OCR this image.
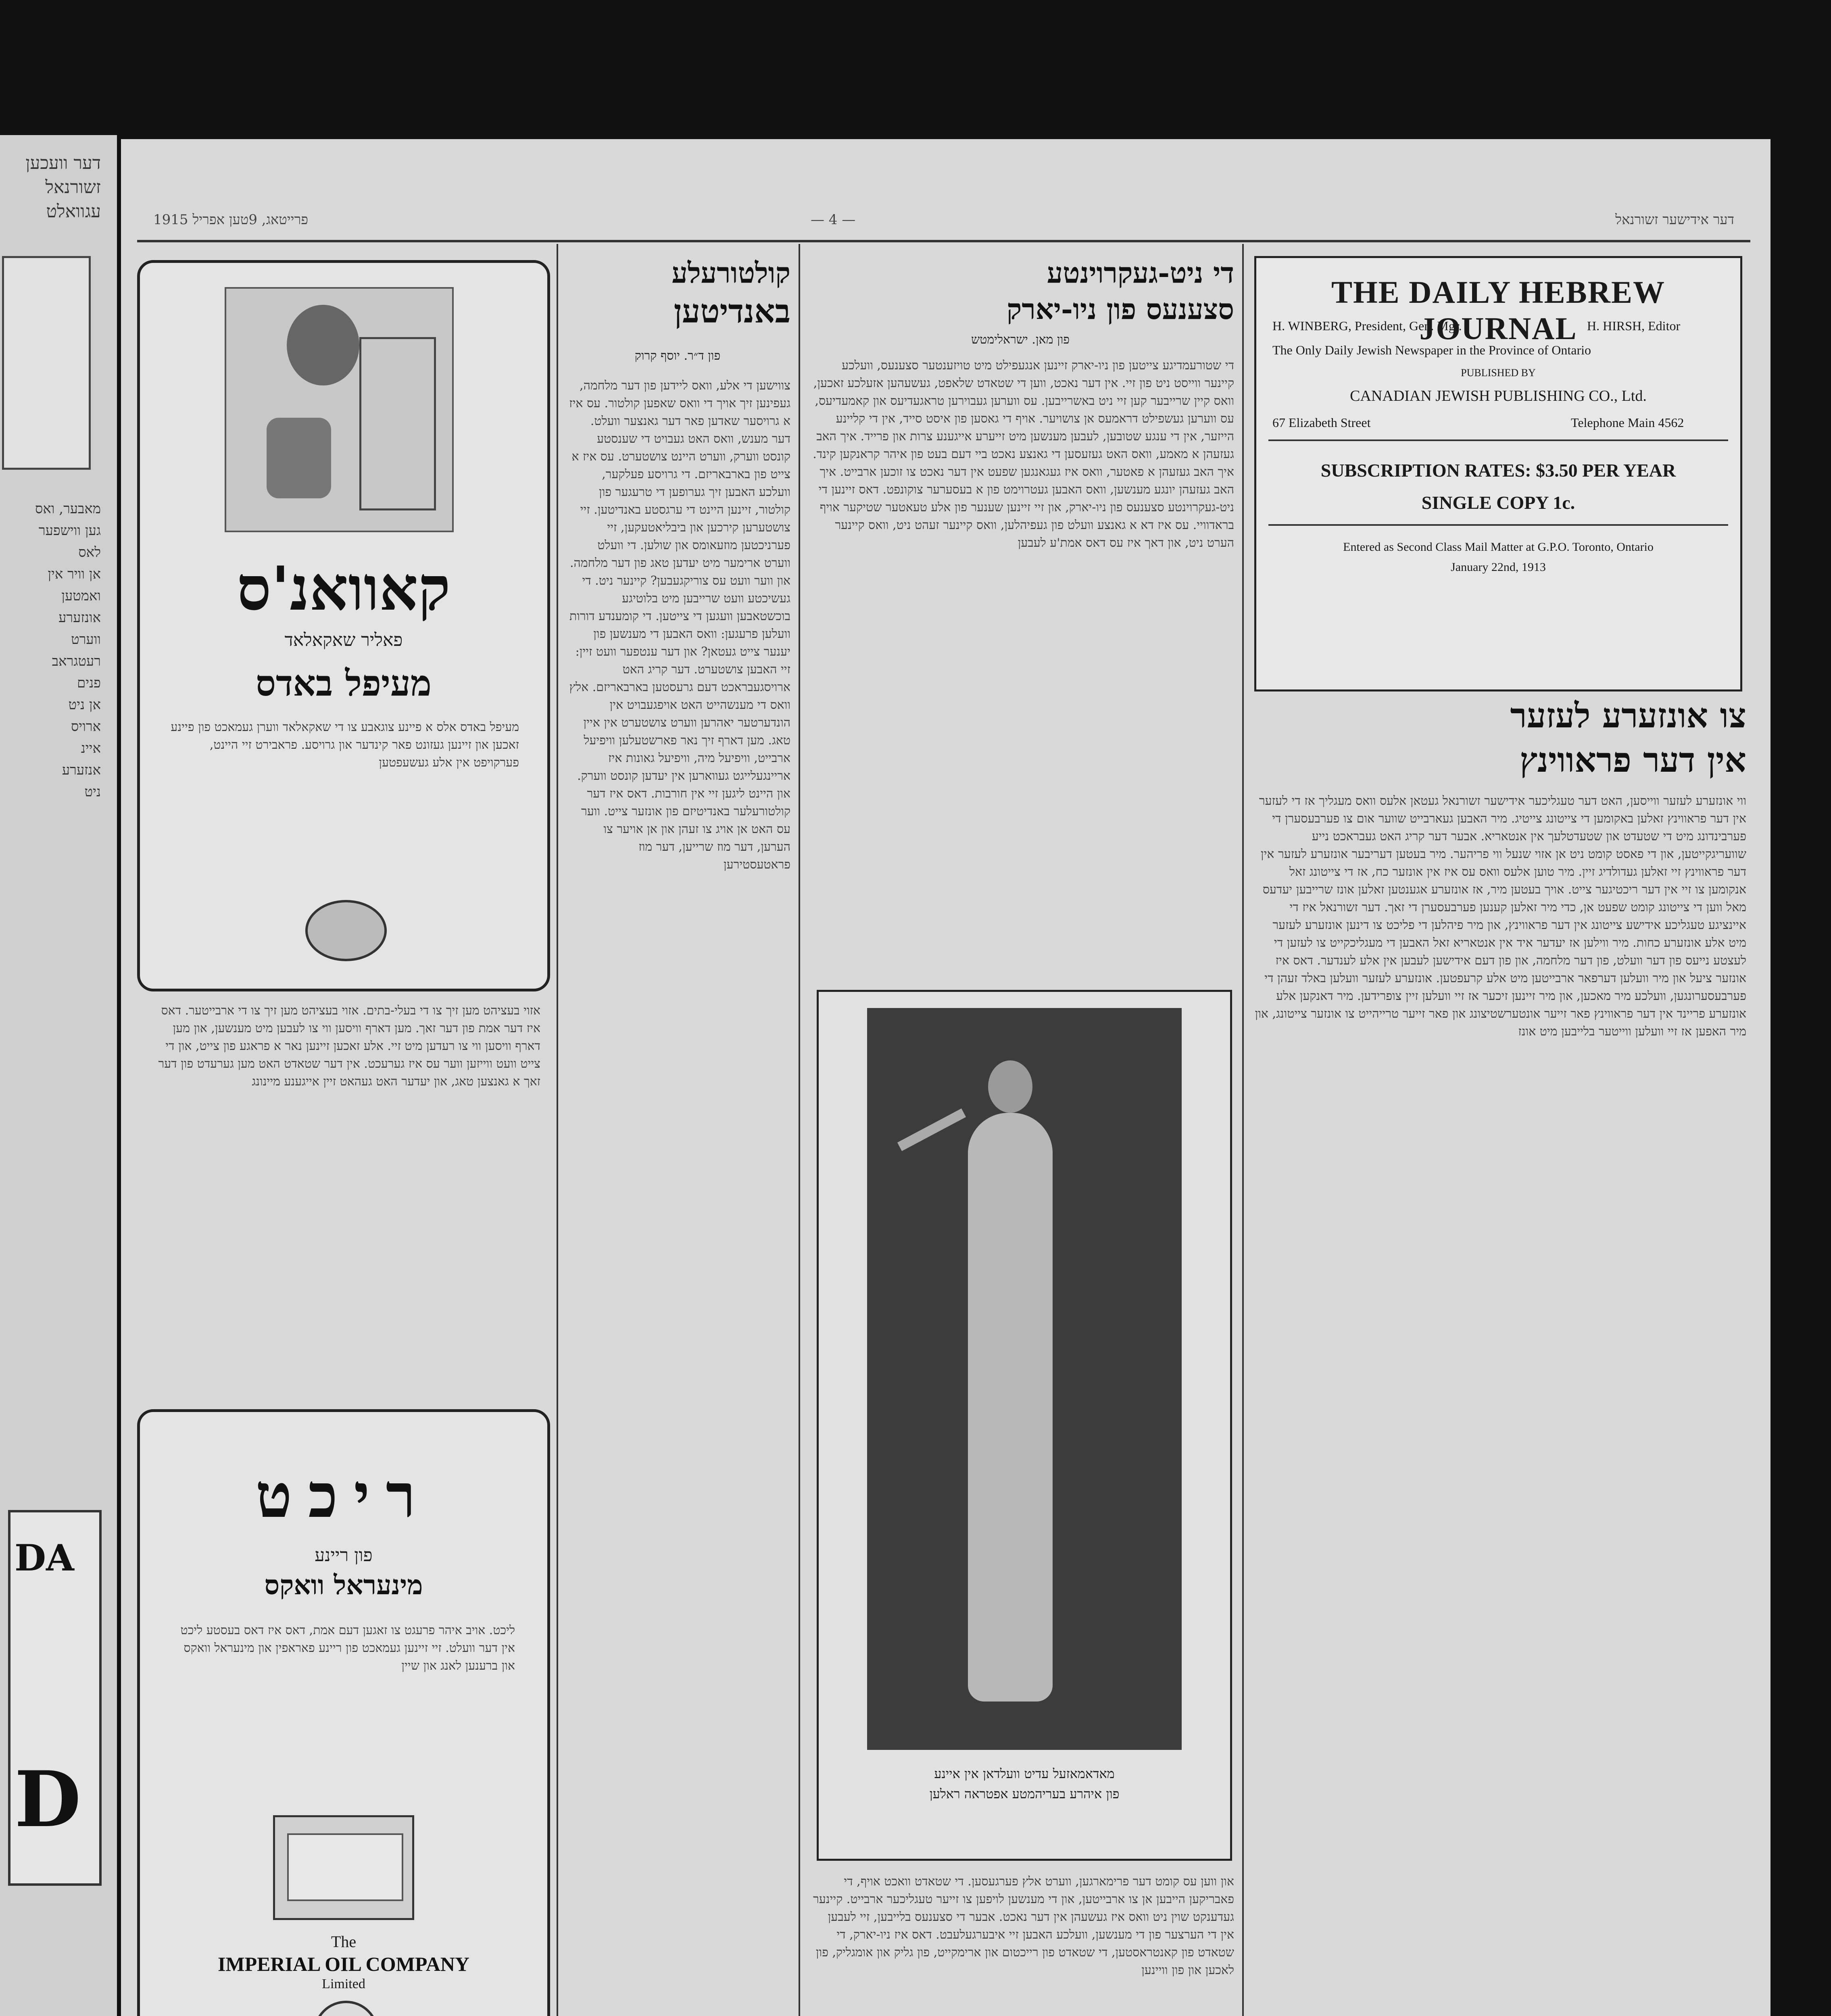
דער וועכען
זשורנאל
עגוואלט
מאבער, ואס
גען ווישפער
לאס
אן וויר אין
ואמטען
אונזערע
ווערט
רעטגראב
פנים
אן ניט
ארויס
איינ
אנזערע
ניט
DA
D
1915 פרייטאג, 9טען אפריל	— 4 —	דער אידישער זשורנאל
קאוואנ'ס
פאליר שאקאלאד
מעיפל באדס
מעיפל באדס אלס א פיינע צוגאבע צו די שאקאלאד ווערן געמאכט פון פיינע זאכען און זיינען געזונט פאר קינדער און גרויסע. פראבירט זיי היינט, פערקויפט אין אלע געשעפטען
אזוי בעציהט מען זיך צו די בעלי-בתים. אזוי בעציהט מען זיך צו די ארבייטער. דאס איז דער אמת פון דער זאך. מען דארף וויסען ווי צו לעבען מיט מענשען, און מען דארף וויסען ווי צו רעדען מיט זיי. אלע זאכען זיינען נאר א פראגע פון צייט, און די צייט וועט ווייזען ווער עס איז גערעכט. אין דער שטאדט האט מען גערעדט פון דער זאך א גאנצען טאג, און יעדער האט געהאט זיין אייגענע מיינונג
ריכט
פון ריינע
מינעראל וואקס
ליכט. אויב איהר פרעגט צו זאגען דעם אמת, דאס איז דאס בעסטע ליכט אין דער וועלט. זיי זיינען געמאכט פון ריינע פאראפין און מינעראל וואקס און ברענען לאנג און שיין
The
IMPERIAL OIL COMPANY
Limited
קולטורעלע
באנדיטען
פון ד״ר. יוסף קרוק
צווישען די אלע, וואס ליידען פון דער מלחמה, געפינען זיך אויך די וואס שאפען קולטור. עס איז א גרויסער שאדען פאר דער גאנצער וועלט. דער מענש, וואס האט געבויט די שענסטע קונסט ווערק, ווערט היינט צושטערט. עס איז א צייט פון בארבאריזם. די גרויסע פעלקער, וועלכע האבען זיך גערופען די טרעגער פון קולטור, זיינען היינט די ערגסטע באנדיטען. זיי צושטערען קירכען און ביבליאטעקען, זיי פערניכטען מוזעאומס און שולען. די וועלט ווערט ארימער מיט יעדען טאג פון דער מלחמה. און ווער וועט עס צוריקגעבען? קיינער ניט. די געשיכטע וועט שרייבען מיט בלוטיגע בוכשטאבען וועגען די צייטען. די קומענדע דורות וועלען פרעגען: וואס האבען די מענשען פון יענער צייט געטאן? און דער ענטפער וועט זיין: זיי האבען צושטערט. דער קריג האט ארויסגעבראכט דעם גרעסטען בארבאריזם. אלץ וואס די מענשהייט האט אויפגעבויט אין הונדערטער יאהרען ווערט צושטערט אין איין טאג. מען דארף זיך נאר פארשטעלען וויפיעל ארבייט, וויפיעל מיה, וויפיעל גאונות איז אריינגעלייגט געווארען אין יעדען קונסט ווערק. און היינט ליגען זיי אין חורבות. דאס איז דער קולטורעלער באנדיטיזם פון אונזער צייט. ווער עס האט אן אויג צו זעהן און אן אויער צו הערען, דער מוז שרייען, דער מוז פראטעסטירען
די ניט-געקרוינטע
סצענעס פון ניו-יארק
פון מאן. ישראלימטש
די שטורעמדיגע צייטען פון ניו-יארק זיינען אנגעפילט מיט טויזענטער סצענעס, וועלכע קיינער ווייסט ניט פון זיי. אין דער נאכט, ווען די שטאדט שלאפט, געשעהען אזעלכע זאכען, וואס קיין שרייבער קען זיי ניט באשרייבען. עס ווערען געבוירען טראגעדיעס און קאמעדיעס, עס ווערען געשפילט דראמעס אן צושויער. אויף די גאסען פון איסט סייד, אין די קליינע הייזער, אין די ענגע שטובען, לעבען מענשען מיט זייערע אייגענע צרות און פרייד. איך האב געזעהן א מאמע, וואס האט געזעסען די גאנצע נאכט ביי דעם בעט פון איהר קראנקען קינד. איך האב געזעהן א פאטער, וואס איז געגאנגען שפעט אין דער נאכט צו זוכען ארבייט. איך האב געזעהן יונגע מענשען, וואס האבען געטרוימט פון א בעסערער צוקונפט. דאס זיינען די ניט-געקרוינטע סצענעס פון ניו-יארק, און זיי זיינען שענער פון אלע טעאטער שטיקער אויף בראדוויי. עס איז דא א גאנצע וועלט פון געפיהלען, וואס קיינער זעהט ניט, וואס קיינער הערט ניט, און דאך איז עס דאס אמת'ע לעבען
מאדאמאזעל עדיט וועלדאן אין איינע
פון איהרע בעריהמטע אפטראה ראלען
און ווען עס קומט דער פרימארגען, ווערט אלץ פערגעסען. די שטאדט וואכט אויף, די פאבריקען הייבען אן צו ארבייטען, און די מענשען לויפען צו זייער טעגליכער ארבייט. קיינער געדענקט שוין ניט וואס איז געשעהן אין דער נאכט. אבער די סצענעס בלייבען, זיי לעבען אין די הערצער פון די מענשען, וועלכע האבען זיי איבערגעלעבט. דאס איז ניו-יארק, די שטאדט פון קאנטראסטען, די שטאדט פון רייכטום און ארימקייט, פון גליק און אומגליק, פון לאכען און פון וויינען
THE DAILY HEBREW JOURNAL
H. WINBERG, President, Gen. Mgr.	H. HIRSH, Editor
The Only Daily Jewish Newspaper in the Province of Ontario
PUBLISHED BY
CANADIAN JEWISH PUBLISHING CO., Ltd.
67 Elizabeth Street	Telephone Main 4562
SUBSCRIPTION RATES: $3.50 PER YEAR
SINGLE COPY 1c.
Entered as Second Class Mail Matter at G.P.O. Toronto, Ontario
January 22nd, 1913
צו אונזערע לעזער
אין דער פראווינץ
ווי אונזערע לעזער ווייסען, האט דער טעגליכער אידישער זשורנאל געטאן אלעס וואס מעגליך אז די לעזער אין דער פראווינץ זאלען באקומען די צייטונג צייטיג. מיר האבען געארבייט שווער אום צו פערבעסערן די פערבינדונג מיט די שטעדט און שטעדטלעך אין אנטאריא. אבער דער קריג האט געבראכט נייע שוועריגקייטען, און די פאסט קומט ניט אן אזוי שנעל ווי פריהער. מיר בעטען דעריבער אונזערע לעזער אין דער פראווינץ זיי זאלען געדולדיג זיין. מיר טוען אלעס וואס עס איז אין אונזער כח, אז די צייטונג זאל אנקומען צו זיי אין דער ריכטיגער צייט. אויך בעטען מיר, אז אונזערע אגענטען זאלען אונז שרייבען יעדעס מאל ווען די צייטונג קומט שפעט אן, כדי מיר זאלען קענען פערבעסערן די זאך. דער זשורנאל איז די איינציגע טעגליכע אידישע צייטונג אין דער פראווינץ, און מיר פיהלען די פליכט צו דינען אונזערע לעזער מיט אלע אונזערע כחות. מיר ווילען אז יעדער איד אין אנטאריא זאל האבען די מעגליכקייט צו לעזען די לעצטע נייעס פון דער וועלט, פון דער מלחמה, און פון דעם אידישען לעבען אין אלע לענדער. דאס איז אונזער ציעל און מיר וועלען דערפאר ארבייטען מיט אלע קרעפטען. אונזערע לעזער וועלען באלד זעהן די פערבעסערונגען, וועלכע מיר מאכען, און מיר זיינען זיכער אז זיי וועלען זיין צופרידען. מיר דאנקען אלע אונזערע פריינד אין דער פראווינץ פאר זייער אונטערשטיצונג און פאר זייער טרייהייט צו אונזער צייטונג, און מיר האפען אז זיי וועלען ווייטער בלייבען מיט אונז
